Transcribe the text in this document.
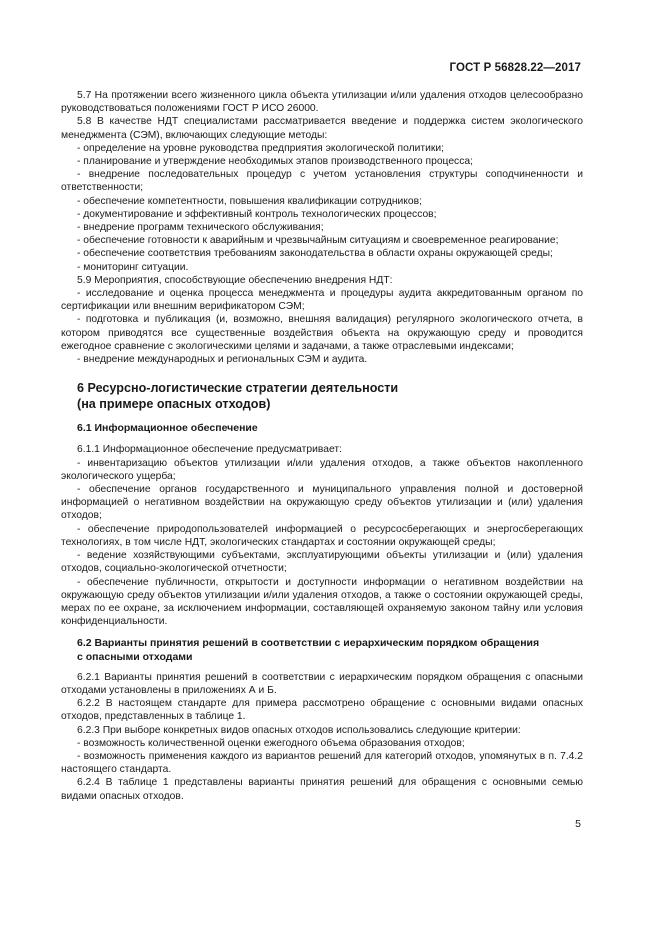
ГОСТ Р 56828.22—2017

5.7 На протяжении всего жизненного цикла объекта утилизации и/или удаления отходов целесообразно руководствоваться положениями ГОСТ Р ИСО 26000.

5.8 В качестве НДТ специалистами рассматривается введение и поддержка систем экологического менеджмента (СЭМ), включающих следующие методы:

- определение на уровне руководства предприятия экологической политики;

- планирование и утверждение необходимых этапов производственного процесса;

- внедрение последовательных процедур с учетом установления структуры соподчиненности и ответственности;

- обеспечение компетентности, повышения квалификации сотрудников;

- документирование и эффективный контроль технологических процессов;

- внедрение программ технического обслуживания;

- обеспечение готовности к аварийным и чрезвычайным ситуациям и своевременное реагирование;

- обеспечение соответствия требованиям законодательства в области охраны окружающей среды;

- мониторинг ситуации.

5.9 Мероприятия, способствующие обеспечению внедрения НДТ:

- исследование и оценка процесса менеджмента и процедуры аудита аккредитованным органом по сертификации или внешним верификатором СЭМ;

- подготовка и публикация (и, возможно, внешняя валидация) регулярного экологического отчета, в котором приводятся все существенные воздействия объекта на окружающую среду и проводится ежегодное сравнение с экологическими целями и задачами, а также отраслевыми индексами;

- внедрение международных и региональных СЭМ и аудита.

6 Ресурсно-логистические стратегии деятельности
(на примере опасных отходов)

6.1 Информационное обеспечение

6.1.1 Информационное обеспечение предусматривает:

- инвентаризацию объектов утилизации и/или удаления отходов, а также объектов накопленного экологического ущерба;

- обеспечение органов государственного и муниципального управления полной и достоверной информацией о негативном воздействии на окружающую среду объектов утилизации и (или) удаления отходов;

- обеспечение природопользователей информацией о ресурсосберегающих и энергосберегающих технологиях, в том числе НДТ, экологических стандартах и состоянии окружающей среды;

- ведение хозяйствующими субъектами, эксплуатирующими объекты утилизации и (или) удаления отходов, социально-экологической отчетности;

- обеспечение публичности, открытости и доступности информации о негативном воздействии на окружающую среду объектов утилизации и/или удаления отходов, а также о состоянии окружающей среды, мерах по ее охране, за исключением информации, составляющей охраняемую законом тайну или условия конфиденциальности.

6.2 Варианты принятия решений в соответствии с иерархическим порядком обращения
с опасными отходами

6.2.1 Варианты принятия решений в соответствии с иерархическим порядком обращения с опасными отходами установлены в приложениях А и Б.

6.2.2 В настоящем стандарте для примера рассмотрено обращение с основными видами опасных отходов, представленных в таблице 1.

6.2.3 При выборе конкретных видов опасных отходов использовались следующие критерии:

- возможность количественной оценки ежегодного объема образования отходов;

- возможность применения каждого из вариантов решений для категорий отходов, упомянутых в п. 7.4.2 настоящего стандарта.

6.2.4 В таблице 1 представлены варианты принятия решений для обращения с основными семью видами опасных отходов.

5
